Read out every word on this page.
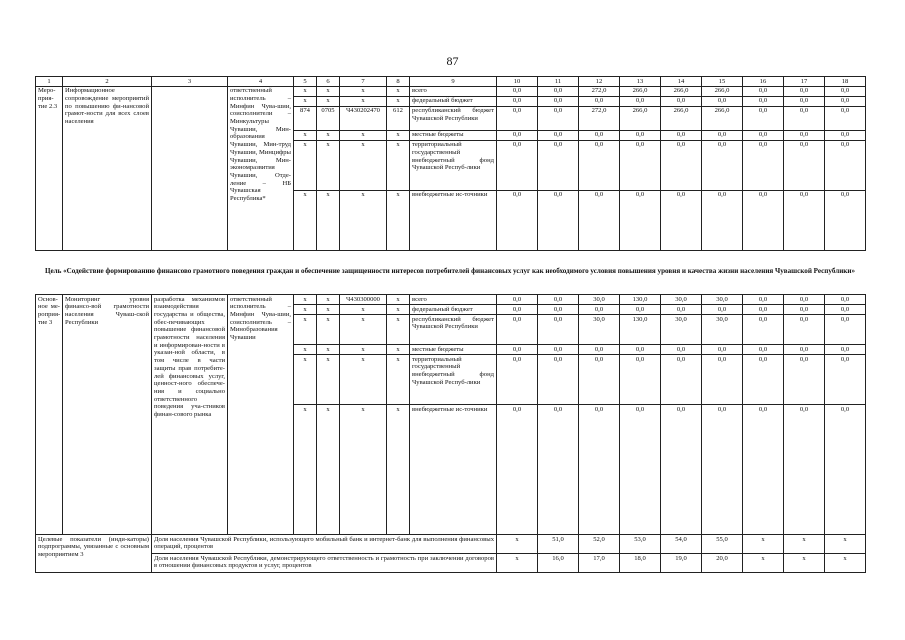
87
1	2	3	4	5	6	7	8	9	10	11	12	13	14	15	16	17	18
Меро-прия-тие 2.3	Информационное сопровождение мероприятий по повышению фи-нансовой грамот-ности для всех слоев населения		ответственный исполнитель – Минфин Чува-шии, соисполнители – Минкультуры Чувашии, Мин-образования Чувашии, Мин-труд Чувашии, Минцифры Чувашии, Мин-экономразвития Чувашии, Отде-ление – НБ Чувашская Республика*	x	x	x	x	всего	0,0	0,0	272,0	266,0	266,0	266,0	0,0	0,0	0,0
				x	x	x	x	федеральный бюджет	0,0	0,0	0,0	0,0	0,0	0,0	0,0	0,0	0,0
				874	0705	Ч430202470	612	республиканский бюджет Чувашской Республики	0,0	0,0	272,0	266,0	266,0	266,0	0,0	0,0	0,0
				x	x	x	x	местные бюджеты	0,0	0,0	0,0	0,0	0,0	0,0	0,0	0,0	0,0
				x	x	x	x	территориальный государственный внебюджетный фонд Чувашской Респуб-лики	0,0	0,0	0,0	0,0	0,0	0,0	0,0	0,0	0,0
				x	x	x	x	внебюджетные ис-точники	0,0	0,0	0,0	0,0	0,0	0,0	0,0	0,0	0,0
Цель «Содействие формированию финансово грамотного поведения граждан и обеспечение защищенности интересов потребителей финансовых услуг как необходимого условия повышения уровня и качества жизни населения Чувашской Республики»
Основ-ное ме-роприя-тие 3	Мониторинг уровня финансо-вой грамотности населения Чуваш-ской Республики	разработка механизмов взаимодействия государства и общества, обес-печивающих повышение финансовой грамотности населения и информирован-ности в указан-ной области, в том числе в части защиты прав потребите-лей финансовых услуг, ценност-ного обеспече-ния и социально ответственного поведения уча-стников финан-сового рынка	ответственный исполнитель – Минфин Чува-шии, соисполнитель – Минобразования Чувашии	x	x	Ч430300000	x	всего	0,0	0,0	30,0	130,0	30,0	30,0	0,0	0,0	0,0
				x	x	x	x	федеральный бюджет	0,0	0,0	0,0	0,0	0,0	0,0	0,0	0,0	0,0
				x	x	x	x	республиканский бюджет Чувашской Республики	0,0	0,0	30,0	130,0	30,0	30,0	0,0	0,0	0,0
				x	x	x	x	местные бюджеты	0,0	0,0	0,0	0,0	0,0	0,0	0,0	0,0	0,0
				x	x	x	x	территориальный государственный внебюджетный фонд Чувашской Респуб-лики	0,0	0,0	0,0	0,0	0,0	0,0	0,0	0,0	0,0
				x	x	x	x	внебюджетные ис-точники	0,0	0,0	0,0	0,0	0,0	0,0	0,0	0,0	0,0
Целевые показатели (инди-каторы) подпрограммы, увязанные с основным мероприятием 3		Доля населения Чувашской Республики, использующего мобильный банк и интернет-банк для выполнения финансовых операций, процентов							x	51,0	52,0	53,0	54,0	55,0	x	x	x
		Доля населения Чувашской Республики, демонстрирующего ответственность и грамотность при заключении договоров в отношении финансовых продуктов и услуг, процентов							x	16,0	17,0	18,0	19,0	20,0	x	x	x
